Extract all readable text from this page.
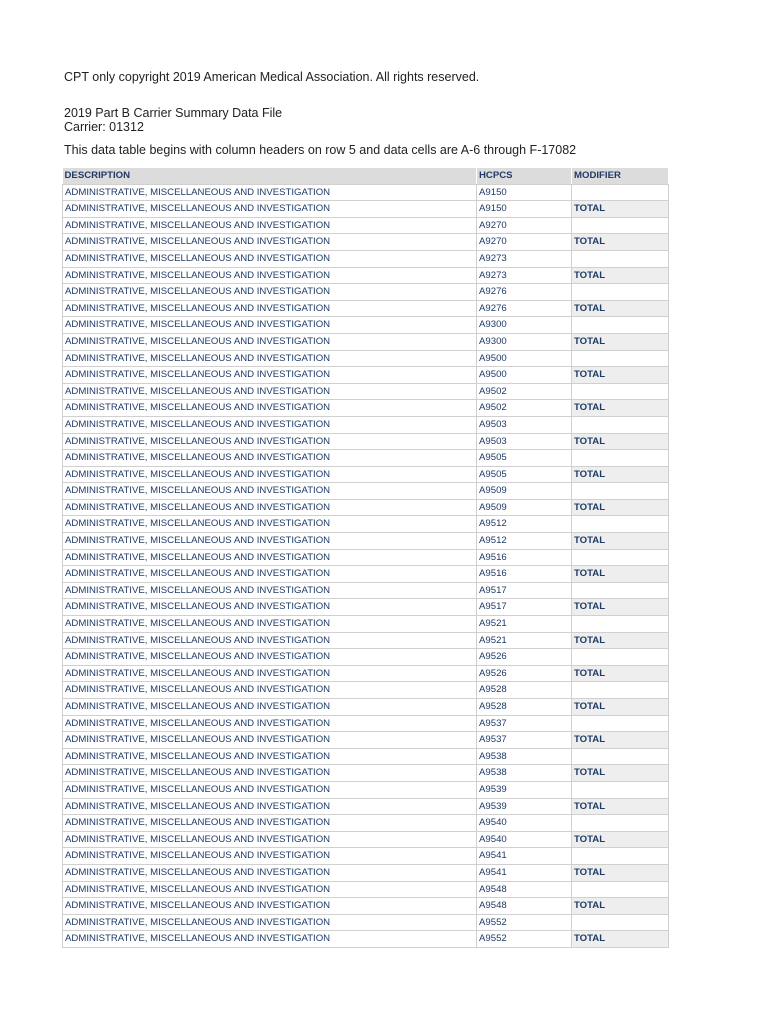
CPT only copyright 2019 American Medical Association. All rights reserved.
2019 Part B Carrier Summary Data File
Carrier: 01312
This data table begins with column headers on row 5 and data cells are A-6 through F-17082
DESCRIPTION	HCPCS	MODIFIER
ADMINISTRATIVE, MISCELLANEOUS AND INVESTIGATION	A9150	
ADMINISTRATIVE, MISCELLANEOUS AND INVESTIGATION	A9150	TOTAL
ADMINISTRATIVE, MISCELLANEOUS AND INVESTIGATION	A9270	
ADMINISTRATIVE, MISCELLANEOUS AND INVESTIGATION	A9270	TOTAL
ADMINISTRATIVE, MISCELLANEOUS AND INVESTIGATION	A9273	
ADMINISTRATIVE, MISCELLANEOUS AND INVESTIGATION	A9273	TOTAL
ADMINISTRATIVE, MISCELLANEOUS AND INVESTIGATION	A9276	
ADMINISTRATIVE, MISCELLANEOUS AND INVESTIGATION	A9276	TOTAL
ADMINISTRATIVE, MISCELLANEOUS AND INVESTIGATION	A9300	
ADMINISTRATIVE, MISCELLANEOUS AND INVESTIGATION	A9300	TOTAL
ADMINISTRATIVE, MISCELLANEOUS AND INVESTIGATION	A9500	
ADMINISTRATIVE, MISCELLANEOUS AND INVESTIGATION	A9500	TOTAL
ADMINISTRATIVE, MISCELLANEOUS AND INVESTIGATION	A9502	
ADMINISTRATIVE, MISCELLANEOUS AND INVESTIGATION	A9502	TOTAL
ADMINISTRATIVE, MISCELLANEOUS AND INVESTIGATION	A9503	
ADMINISTRATIVE, MISCELLANEOUS AND INVESTIGATION	A9503	TOTAL
ADMINISTRATIVE, MISCELLANEOUS AND INVESTIGATION	A9505	
ADMINISTRATIVE, MISCELLANEOUS AND INVESTIGATION	A9505	TOTAL
ADMINISTRATIVE, MISCELLANEOUS AND INVESTIGATION	A9509	
ADMINISTRATIVE, MISCELLANEOUS AND INVESTIGATION	A9509	TOTAL
ADMINISTRATIVE, MISCELLANEOUS AND INVESTIGATION	A9512	
ADMINISTRATIVE, MISCELLANEOUS AND INVESTIGATION	A9512	TOTAL
ADMINISTRATIVE, MISCELLANEOUS AND INVESTIGATION	A9516	
ADMINISTRATIVE, MISCELLANEOUS AND INVESTIGATION	A9516	TOTAL
ADMINISTRATIVE, MISCELLANEOUS AND INVESTIGATION	A9517	
ADMINISTRATIVE, MISCELLANEOUS AND INVESTIGATION	A9517	TOTAL
ADMINISTRATIVE, MISCELLANEOUS AND INVESTIGATION	A9521	
ADMINISTRATIVE, MISCELLANEOUS AND INVESTIGATION	A9521	TOTAL
ADMINISTRATIVE, MISCELLANEOUS AND INVESTIGATION	A9526	
ADMINISTRATIVE, MISCELLANEOUS AND INVESTIGATION	A9526	TOTAL
ADMINISTRATIVE, MISCELLANEOUS AND INVESTIGATION	A9528	
ADMINISTRATIVE, MISCELLANEOUS AND INVESTIGATION	A9528	TOTAL
ADMINISTRATIVE, MISCELLANEOUS AND INVESTIGATION	A9537	
ADMINISTRATIVE, MISCELLANEOUS AND INVESTIGATION	A9537	TOTAL
ADMINISTRATIVE, MISCELLANEOUS AND INVESTIGATION	A9538	
ADMINISTRATIVE, MISCELLANEOUS AND INVESTIGATION	A9538	TOTAL
ADMINISTRATIVE, MISCELLANEOUS AND INVESTIGATION	A9539	
ADMINISTRATIVE, MISCELLANEOUS AND INVESTIGATION	A9539	TOTAL
ADMINISTRATIVE, MISCELLANEOUS AND INVESTIGATION	A9540	
ADMINISTRATIVE, MISCELLANEOUS AND INVESTIGATION	A9540	TOTAL
ADMINISTRATIVE, MISCELLANEOUS AND INVESTIGATION	A9541	
ADMINISTRATIVE, MISCELLANEOUS AND INVESTIGATION	A9541	TOTAL
ADMINISTRATIVE, MISCELLANEOUS AND INVESTIGATION	A9548	
ADMINISTRATIVE, MISCELLANEOUS AND INVESTIGATION	A9548	TOTAL
ADMINISTRATIVE, MISCELLANEOUS AND INVESTIGATION	A9552	
ADMINISTRATIVE, MISCELLANEOUS AND INVESTIGATION	A9552	TOTAL
